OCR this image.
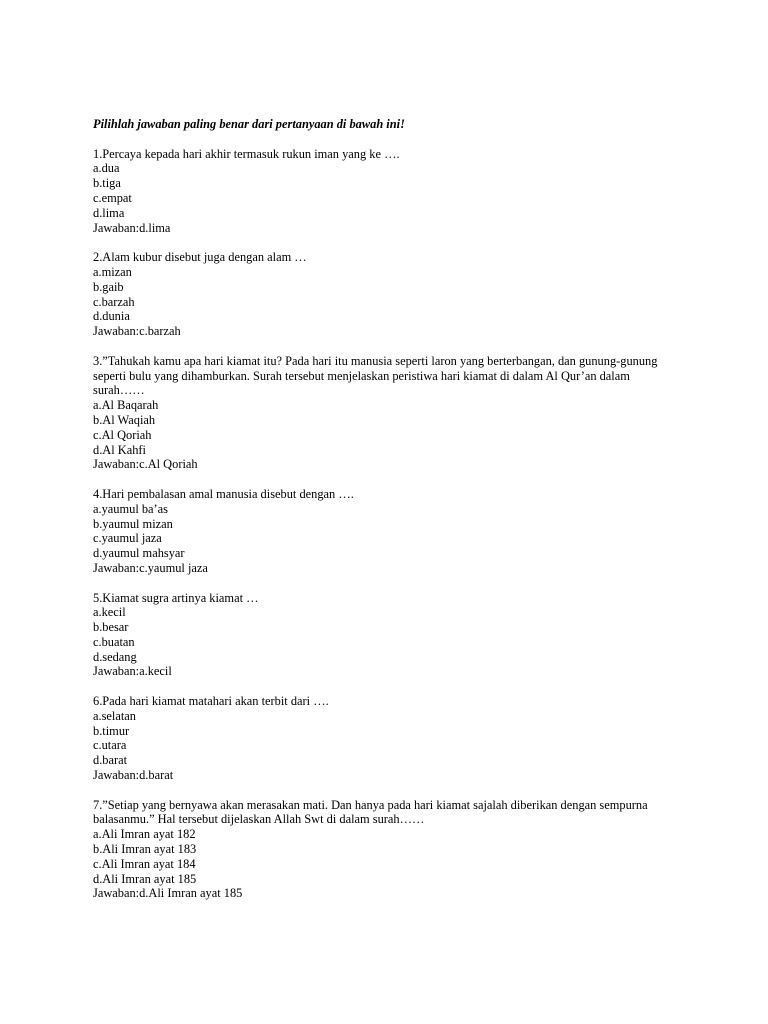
Pilihlah jawaban paling benar dari pertanyaan di bawah ini!
1.Percaya kepada hari akhir termasuk rukun iman yang ke ….
a.dua
b.tiga
c.empat
d.lima
Jawaban:d.lima
2.Alam kubur disebut juga dengan alam …
a.mizan
b.gaib
c.barzah
d.dunia
Jawaban:c.barzah
3.”Tahukah kamu apa hari kiamat itu? Pada hari itu manusia seperti laron yang berterbangan, dan gunung-gunung seperti bulu yang dihamburkan. Surah tersebut menjelaskan peristiwa hari kiamat di dalam Al Qur’an dalam surah……
a.Al Baqarah
b.Al Waqiah
c.Al Qoriah
d.Al Kahfi
Jawaban:c.Al Qoriah
4.Hari pembalasan amal manusia disebut dengan ….
a.yaumul ba’as
b.yaumul mizan
c.yaumul jaza
d.yaumul mahsyar
Jawaban:c.yaumul jaza
5.Kiamat sugra artinya kiamat …
a.kecil
b.besar
c.buatan
d.sedang
Jawaban:a.kecil
6.Pada hari kiamat matahari akan terbit dari ….
a.selatan
b.timur
c.utara
d.barat
Jawaban:d.barat
7.”Setiap yang bernyawa akan merasakan mati. Dan hanya pada hari kiamat sajalah diberikan dengan sempurna balasanmu.” Hal tersebut dijelaskan Allah Swt di dalam surah……
a.Ali Imran ayat 182
b.Ali Imran ayat 183
c.Ali Imran ayat 184
d.Ali Imran ayat 185
Jawaban:d.Ali Imran ayat 185
